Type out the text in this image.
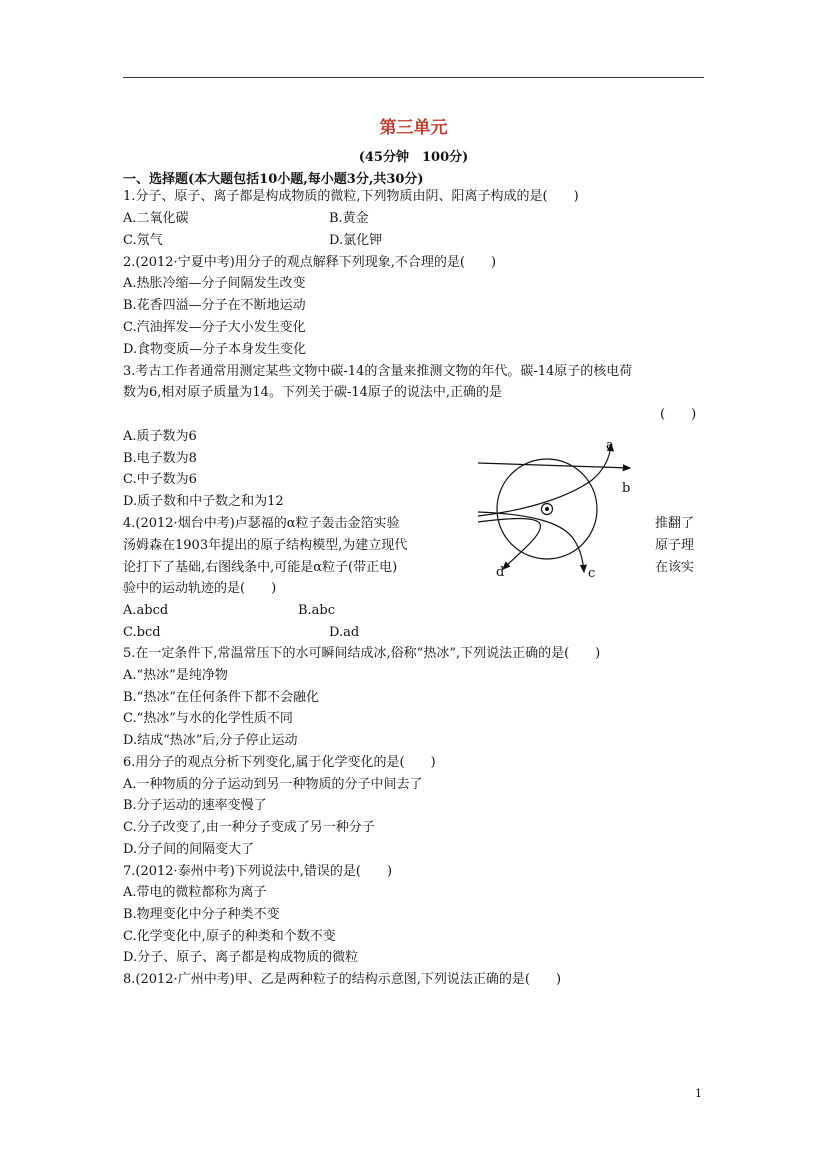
第三单元
(45分钟　100分)
一、选择题(本大题包括10小题,每小题3分,共30分)
1.分子、原子、离子都是构成物质的微粒,下列物质由阴、阳离子构成的是(　　)
A.二氧化碳	B.黄金
C.氖气	D.氯化钾
2.(2012·宁夏中考)用分子的观点解释下列现象,不合理的是(　　)
A.热胀冷缩—分子间隔发生改变
B.花香四溢—分子在不断地运动
C.汽油挥发—分子大小发生变化
D.食物变质—分子本身发生变化
3.考古工作者通常用测定某些文物中碳-14的含量来推测文物的年代。碳-14原子的核电荷
数为6,相对原子质量为14。下列关于碳-14原子的说法中,正确的是
(　　)
A.质子数为6
B.电子数为8
C.中子数为6
D.质子数和中子数之和为12
4.(2012·烟台中考)卢瑟福的α粒子轰击金箔实验
汤姆森在1903年提出的原子结构模型,为建立现代
论打下了基础,右图线条中,可能是α粒子(带正电)
验中的运动轨迹的是(　　)
推翻了
原子理
在该实
A.abcd	B.abc
C.bcd	D.ad
a
b
c
d
5.在一定条件下,常温常压下的水可瞬间结成冰,俗称“热冰”,下列说法正确的是(　　)
A.“热冰”是纯净物
B.“热冰”在任何条件下都不会融化
C.“热冰”与水的化学性质不同
D.结成“热冰”后,分子停止运动
6.用分子的观点分析下列变化,属于化学变化的是(　　)
A.一种物质的分子运动到另一种物质的分子中间去了
B.分子运动的速率变慢了
C.分子改变了,由一种分子变成了另一种分子
D.分子间的间隔变大了
7.(2012·泰州中考)下列说法中,错误的是(　　)
A.带电的微粒都称为离子
B.物理变化中分子种类不变
C.化学变化中,原子的种类和个数不变
D.分子、原子、离子都是构成物质的微粒
8.(2012·广州中考)甲、乙是两种粒子的结构示意图,下列说法正确的是(　　)
1
